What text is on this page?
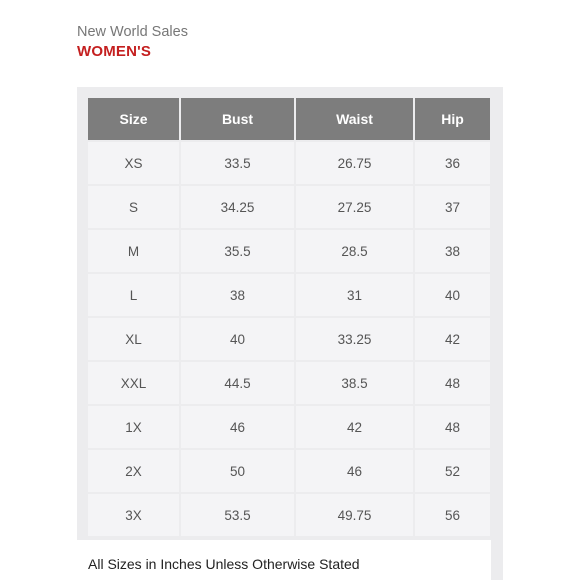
New World Sales
WOMEN'S
Size	Bust	Waist	Hip
XS	33.5	26.75	36
S	34.25	27.25	37
M	35.5	28.5	38
L	38	31	40
XL	40	33.25	42
XXL	44.5	38.5	48
1X	46	42	48
2X	50	46	52
3X	53.5	49.75	56
All Sizes in Inches Unless Otherwise Stated
